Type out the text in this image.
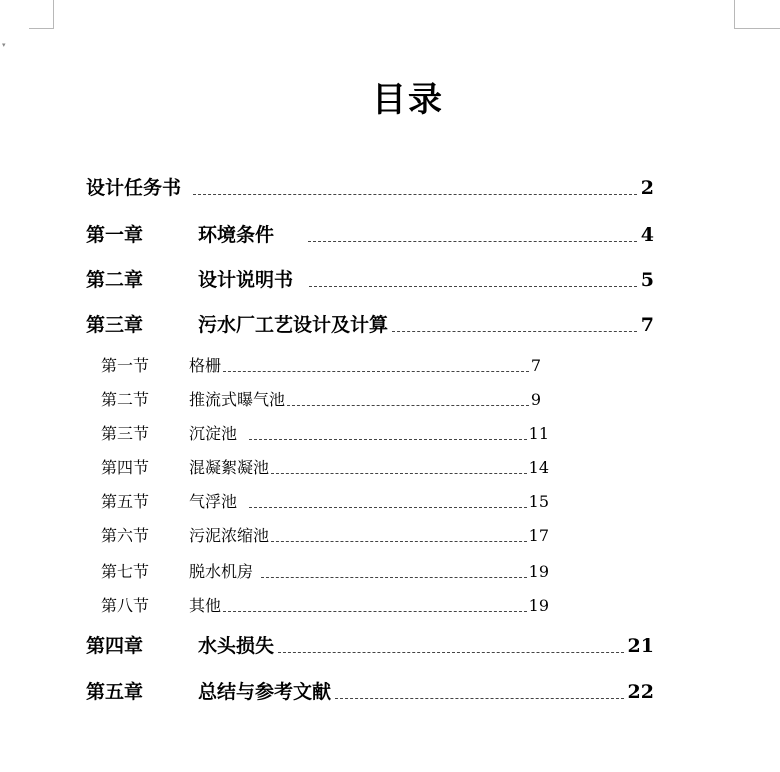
▾
目录
设计任务书	2
第一章	环境条件	4
第二章	设计说明书	5
第三章	污水厂工艺设计及计算	7
第一节	格栅	7
第二节	推流式曝气池	9
第三节	沉淀池	11
第四节	混凝絮凝池	14
第五节	气浮池	15
第六节	污泥浓缩池	17
第七节	脱水机房	19
第八节	其他	19
第四章	水头损失	21
第五章	总结与参考文献	22
